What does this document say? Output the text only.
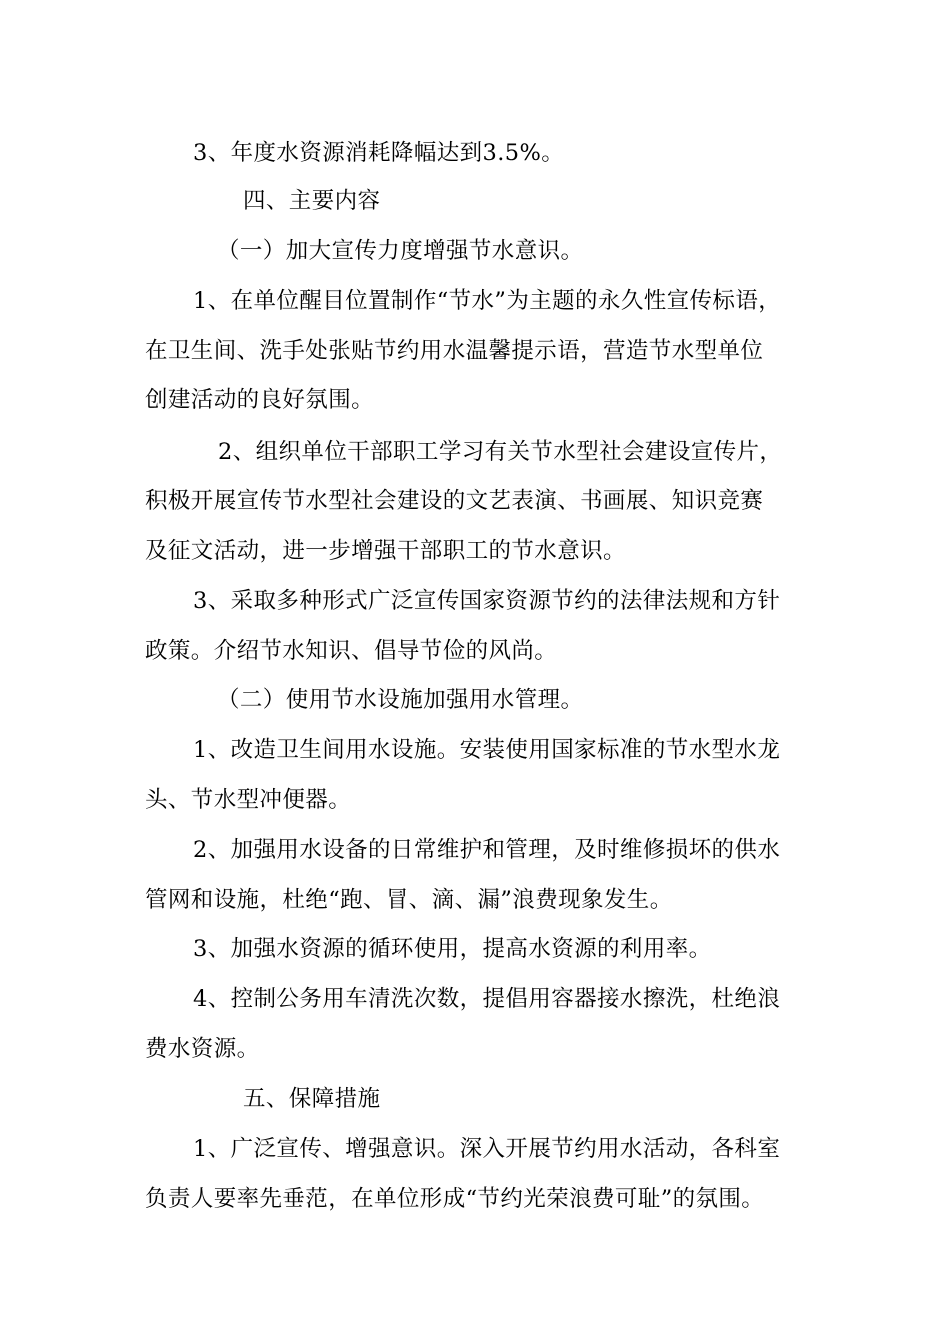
3、年度水资源消耗降幅达到3.5%。
四、主要内容
（一）加大宣传力度增强节水意识。
1、在单位醒目位置制作“节水”为主题的永久性宣传标语，
在卫生间、洗手处张贴节约用水温馨提示语，营造节水型单位
创建活动的良好氛围。
2、组织单位干部职工学习有关节水型社会建设宣传片，
积极开展宣传节水型社会建设的文艺表演、书画展、知识竞赛
及征文活动，进一步增强干部职工的节水意识。
3、采取多种形式广泛宣传国家资源节约的法律法规和方针
政策。介绍节水知识、倡导节俭的风尚。
（二）使用节水设施加强用水管理。
1、改造卫生间用水设施。安装使用国家标准的节水型水龙
头、节水型冲便器。
2、加强用水设备的日常维护和管理，及时维修损坏的供水
管网和设施，杜绝“跑、冒、滴、漏”浪费现象发生。
3、加强水资源的循环使用，提高水资源的利用率。
4、控制公务用车清洗次数，提倡用容器接水擦洗，杜绝浪
费水资源。
五、保障措施
1、广泛宣传、增强意识。深入开展节约用水活动，各科室
负责人要率先垂范，在单位形成“节约光荣浪费可耻”的氛围。
